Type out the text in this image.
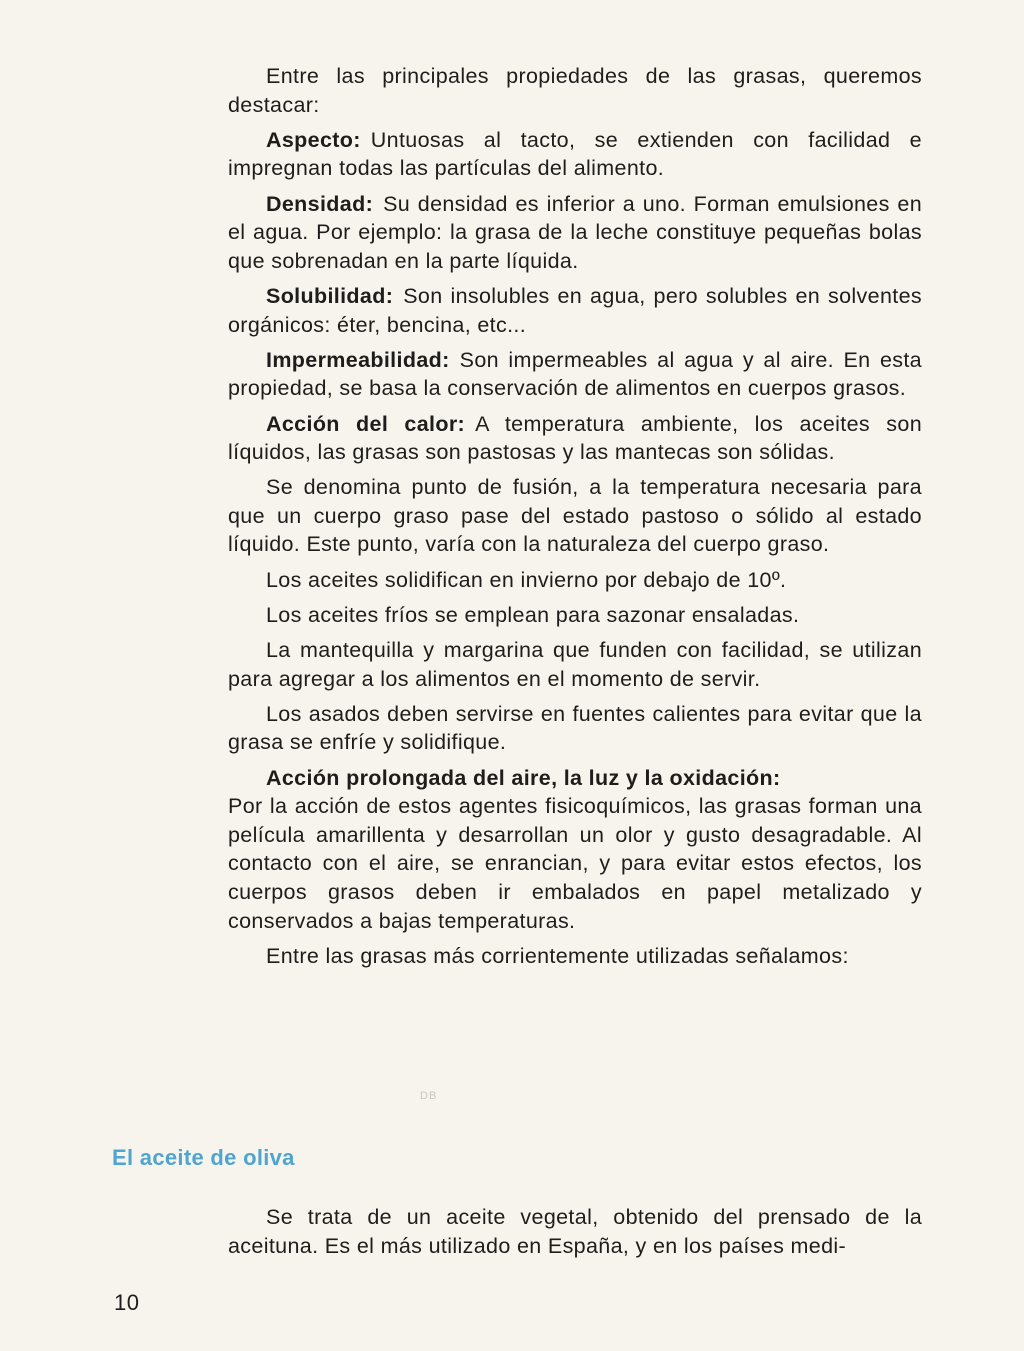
Entre las principales propiedades de las grasas, queremos destacar:

Aspecto: Untuosas al tacto, se extienden con facilidad e impregnan todas las partículas del alimento.

Densidad: Su densidad es inferior a uno. Forman emulsiones en el agua. Por ejemplo: la grasa de la leche constituye pequeñas bolas que sobrenadan en la parte líquida.

Solubilidad: Son insolubles en agua, pero solubles en solventes orgánicos: éter, bencina, etc...

Impermeabilidad: Son impermeables al agua y al aire. En esta propiedad, se basa la conservación de alimentos en cuerpos grasos.

Acción del calor: A temperatura ambiente, los aceites son líquidos, las grasas son pastosas y las mantecas son sólidas.

Se denomina punto de fusión, a la temperatura necesaria para que un cuerpo graso pase del estado pastoso o sólido al estado líquido. Este punto, varía con la naturaleza del cuerpo graso.

Los aceites solidifican en invierno por debajo de 10º.

Los aceites fríos se emplean para sazonar ensaladas.

La mantequilla y margarina que funden con facilidad, se utilizan para agregar a los alimentos en el momento de servir.

Los asados deben servirse en fuentes calientes para evitar que la grasa se enfríe y solidifique.

Acción prolongada del aire, la luz y la oxidación:
Por la acción de estos agentes fisicoquímicos, las grasas forman una película amarillenta y desarrollan un olor y gusto desagradable. Al contacto con el aire, se enrancian, y para evitar estos efectos, los cuerpos grasos deben ir embalados en papel metalizado y conservados a bajas temperaturas.

Entre las grasas más corrientemente utilizadas señalamos:

DB
El aceite de oliva

Se trata de un aceite vegetal, obtenido del prensado de la aceituna. Es el más utilizado en España, y en los países medi-

10
